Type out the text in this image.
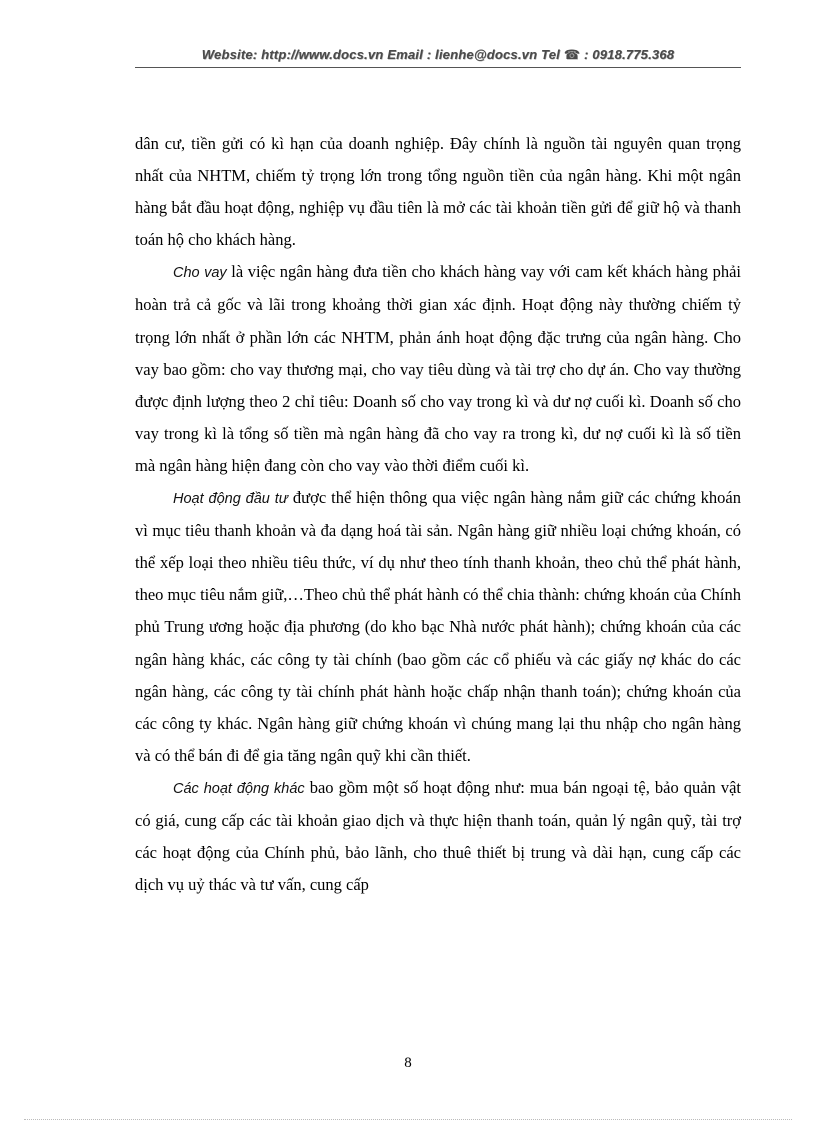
Website: http://www.docs.vn Email : lienhe@docs.vn Tel ☎ : 0918.775.368

dân cư, tiền gửi có kì hạn của doanh nghiệp. Đây chính là nguồn tài nguyên quan trọng nhất của NHTM, chiếm tỷ trọng lớn trong tổng nguồn tiền của ngân hàng. Khi một ngân hàng bắt đầu hoạt động, nghiệp vụ đầu tiên là mở các tài khoản tiền gửi để giữ hộ và thanh toán hộ cho khách hàng.

Cho vay là việc ngân hàng đưa tiền cho khách hàng vay với cam kết khách hàng phải hoàn trả cả gốc và lãi trong khoảng thời gian xác định. Hoạt động này thường chiếm tỷ trọng lớn nhất ở phần lớn các NHTM, phản ánh hoạt động đặc trưng của ngân hàng. Cho vay bao gồm: cho vay thương mại, cho vay tiêu dùng và tài trợ cho dự án. Cho vay thường được định lượng theo 2 chỉ tiêu: Doanh số cho vay trong kì và dư nợ cuối kì. Doanh số cho vay trong kì là tổng số tiền mà ngân hàng đã cho vay ra trong kì, dư nợ cuối kì là số tiền mà ngân hàng hiện đang còn cho vay vào thời điểm cuối kì.

Hoạt động đầu tư được thể hiện thông qua việc ngân hàng nắm giữ các chứng khoán vì mục tiêu thanh khoản và đa dạng hoá tài sản. Ngân hàng giữ nhiều loại chứng khoán, có thể xếp loại theo nhiều tiêu thức, ví dụ như theo tính thanh khoản, theo chủ thể phát hành, theo mục tiêu nắm giữ,…Theo chủ thể phát hành có thể chia thành: chứng khoán của Chính phủ Trung ương hoặc địa phương (do kho bạc Nhà nước phát hành); chứng khoán của các ngân hàng khác, các công ty tài chính (bao gồm các cổ phiếu và các giấy nợ khác do các ngân hàng, các công ty tài chính phát hành hoặc chấp nhận thanh toán); chứng khoán của các công ty khác. Ngân hàng giữ chứng khoán vì chúng mang lại thu nhập cho ngân hàng và có thể bán đi để gia tăng ngân quỹ khi cần thiết.

Các hoạt động khác bao gồm một số hoạt động như: mua bán ngoại tệ, bảo quản vật có giá, cung cấp các tài khoản giao dịch và thực hiện thanh toán, quản lý ngân quỹ, tài trợ các hoạt động của Chính phủ, bảo lãnh, cho thuê thiết bị trung và dài hạn, cung cấp các dịch vụ uỷ thác và tư vấn, cung cấp

8
